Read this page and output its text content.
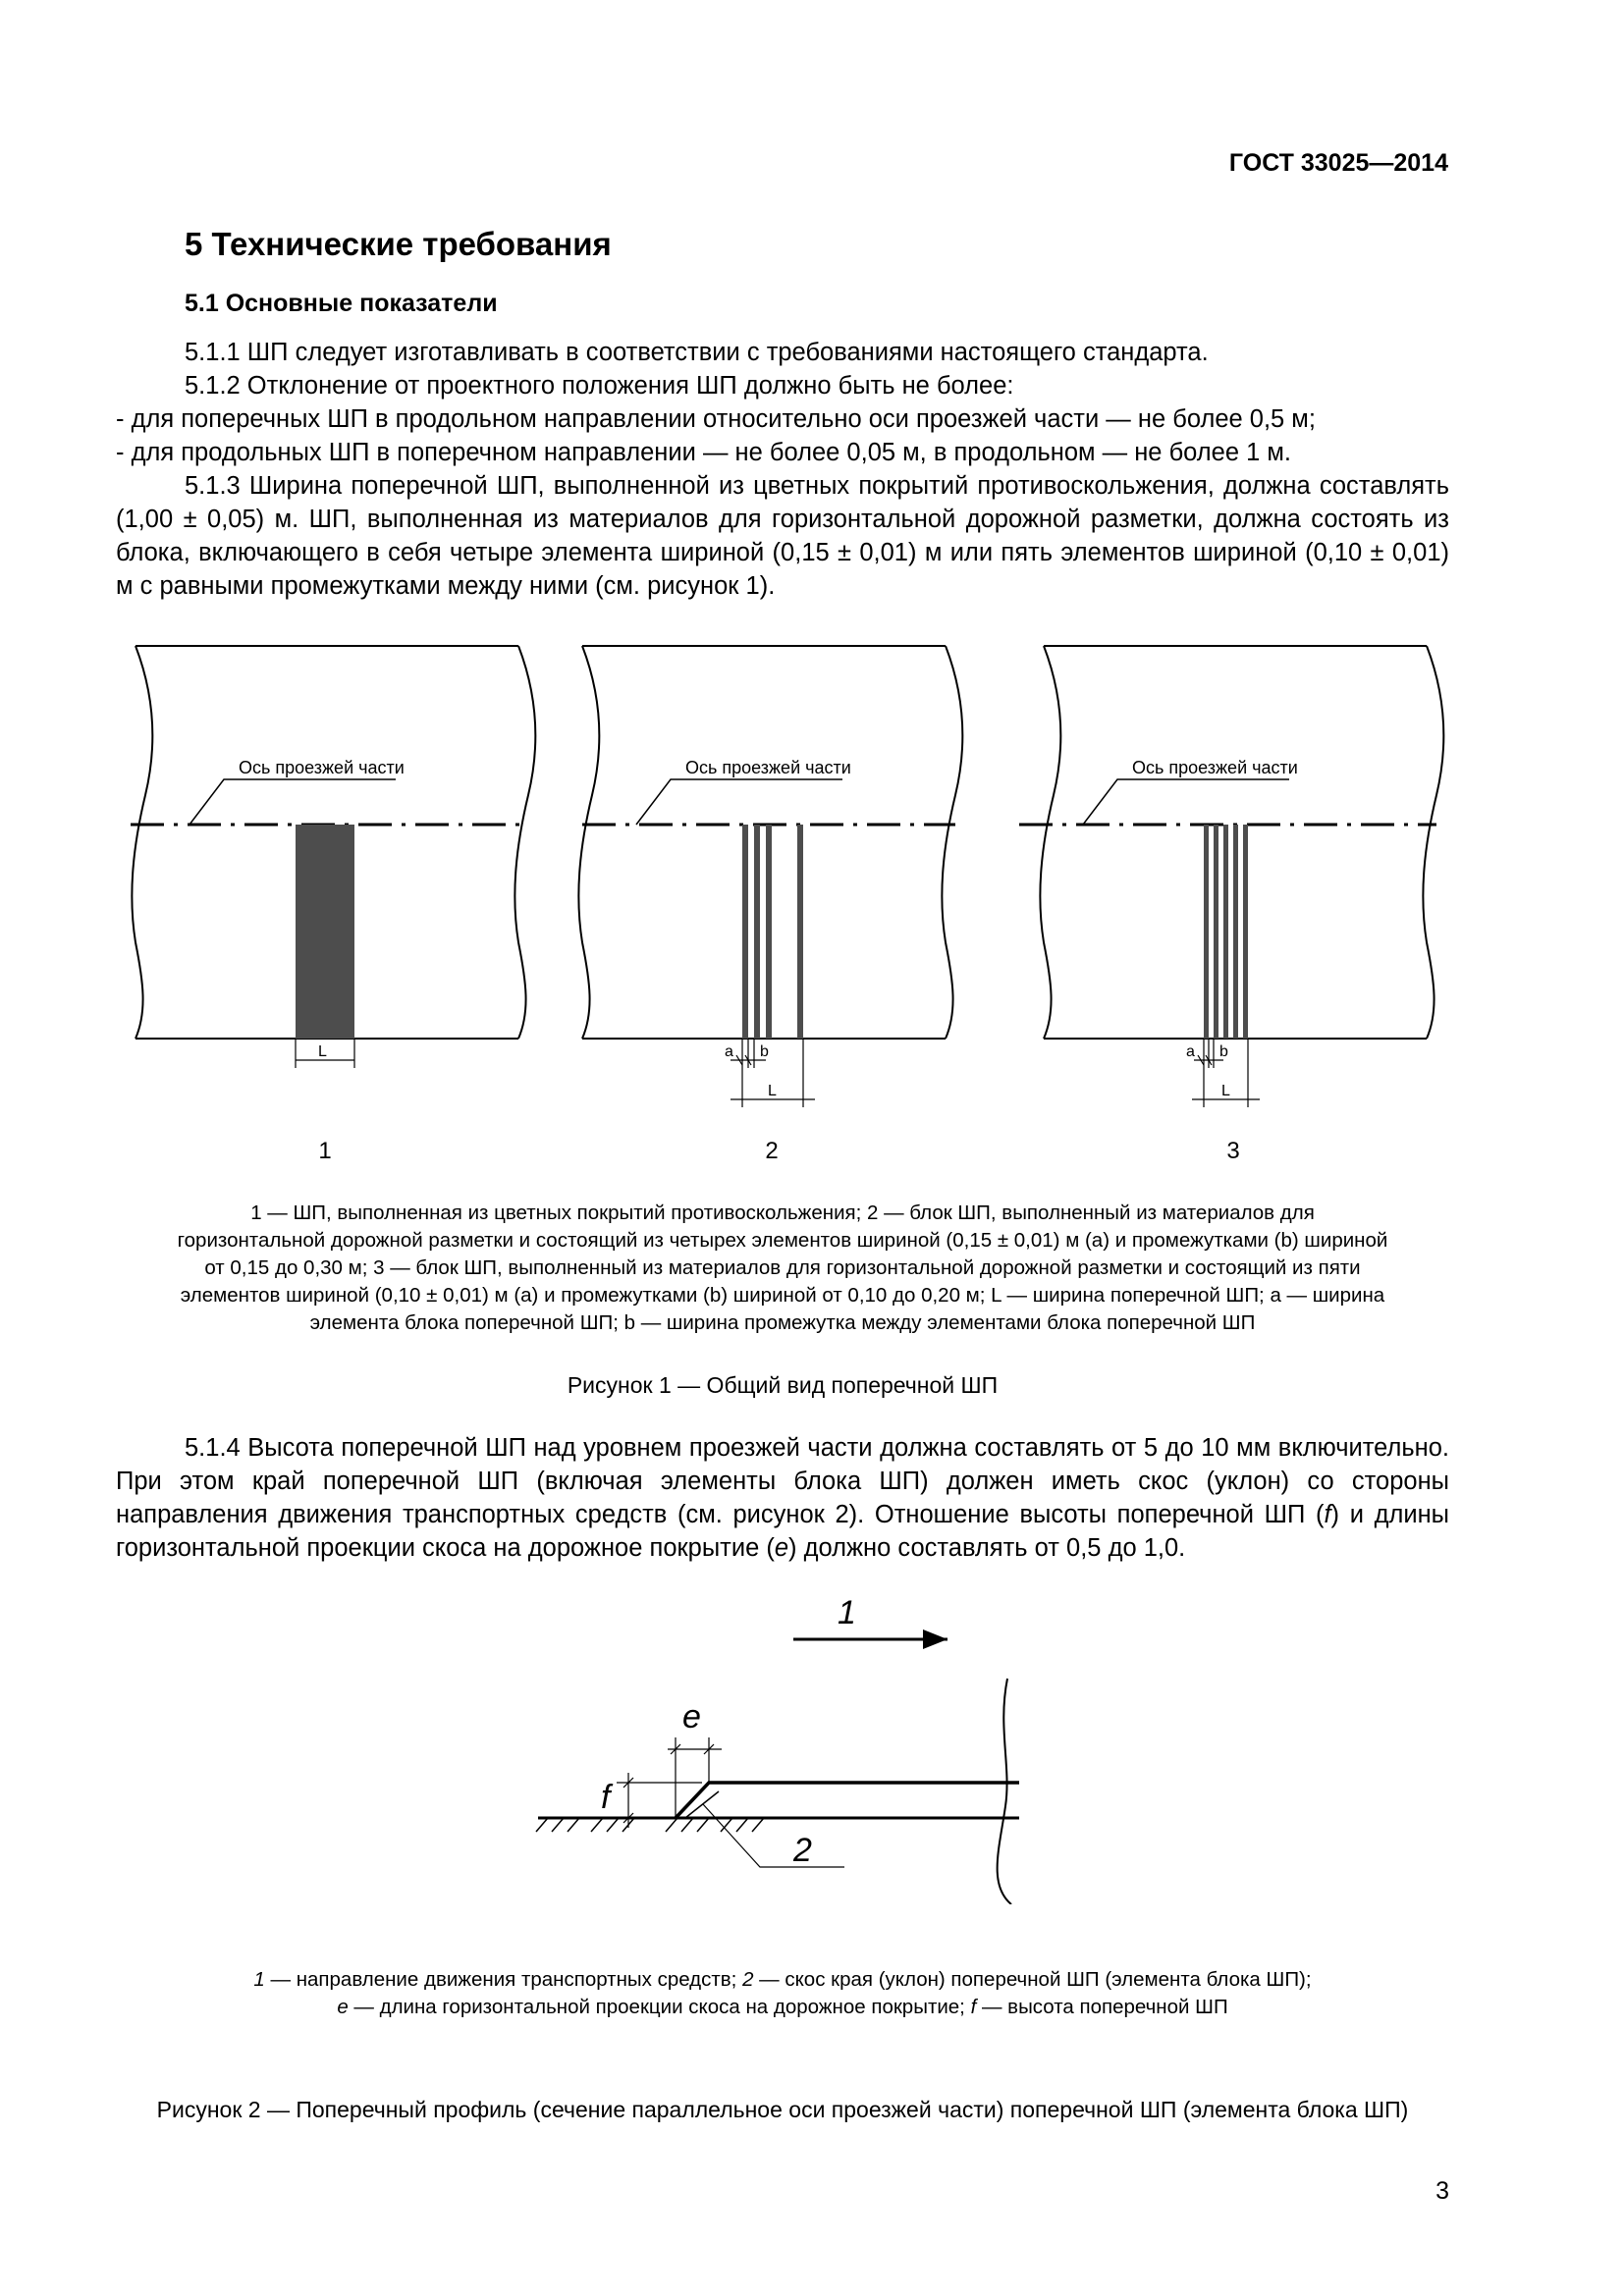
ГОСТ 33025—2014
5 Технические требования
5.1 Основные показатели

5.1.1 ШП следует изготавливать в соответствии с требованиями настоящего стандарта.

5.1.2 Отклонение от проектного положения ШП должно быть не более:

- для поперечных ШП в продольном направлении относительно оси проезжей части — не более 0,5 м;

- для продольных ШП в поперечном направлении — не более 0,05 м, в продольном — не более 1 м.

5.1.3 Ширина поперечной ШП, выполненной из цветных покрытий противоскольжения, должна составлять (1,00 ± 0,05) м. ШП, выполненная из материалов для горизонтальной дорожной разметки, должна состоять из блока, включающего в себя четыре элемента шириной (0,15 ± 0,01) м или пять элементов шириной (0,10 ± 0,01) м с равными промежутками между ними (см. рисунок 1).

Ось проезжей части	Ось проезжей части	Ось проезжей части
L	a b
L
a b
L
1	2	3
1 — ШП, выполненная из цветных покрытий противоскольжения; 2 — блок ШП, выполненный из материалов для
горизонтальной дорожной разметки и состоящий из четырех элементов шириной (0,15 ± 0,01) м (a) и промежутками (b) шириной
от 0,15 до 0,30 м; 3 — блок ШП, выполненный из материалов для горизонтальной дорожной разметки и состоящий из пяти
элементов шириной (0,10 ± 0,01) м (a) и промежутками (b) шириной от 0,10 до 0,20 м; L — ширина поперечной ШП; a — ширина
элемента блока поперечной ШП; b — ширина промежутка между элементами блока поперечной ШП
Рисунок 1 — Общий вид поперечной ШП

5.1.4 Высота поперечной ШП над уровнем проезжей части должна составлять от 5 до 10 мм включительно. При этом край поперечной ШП (включая элементы блока ШП) должен иметь скос (уклон) со стороны направления движения транспортных средств (см. рисунок 2). Отношение высоты поперечной ШП (f) и длины горизонтальной проекции скоса на дорожное покрытие (e) должно составлять от 0,5 до 1,0.

1
e
f
2
1 — направление движения транспортных средств; 2 — скос края (уклон) поперечной ШП (элемента блока ШП);
e — длина горизонтальной проекции скоса на дорожное покрытие; f — высота поперечной ШП
Рисунок 2 — Поперечный профиль (сечение параллельное оси проезжей части) поперечной ШП (элемента блока ШП)
3
